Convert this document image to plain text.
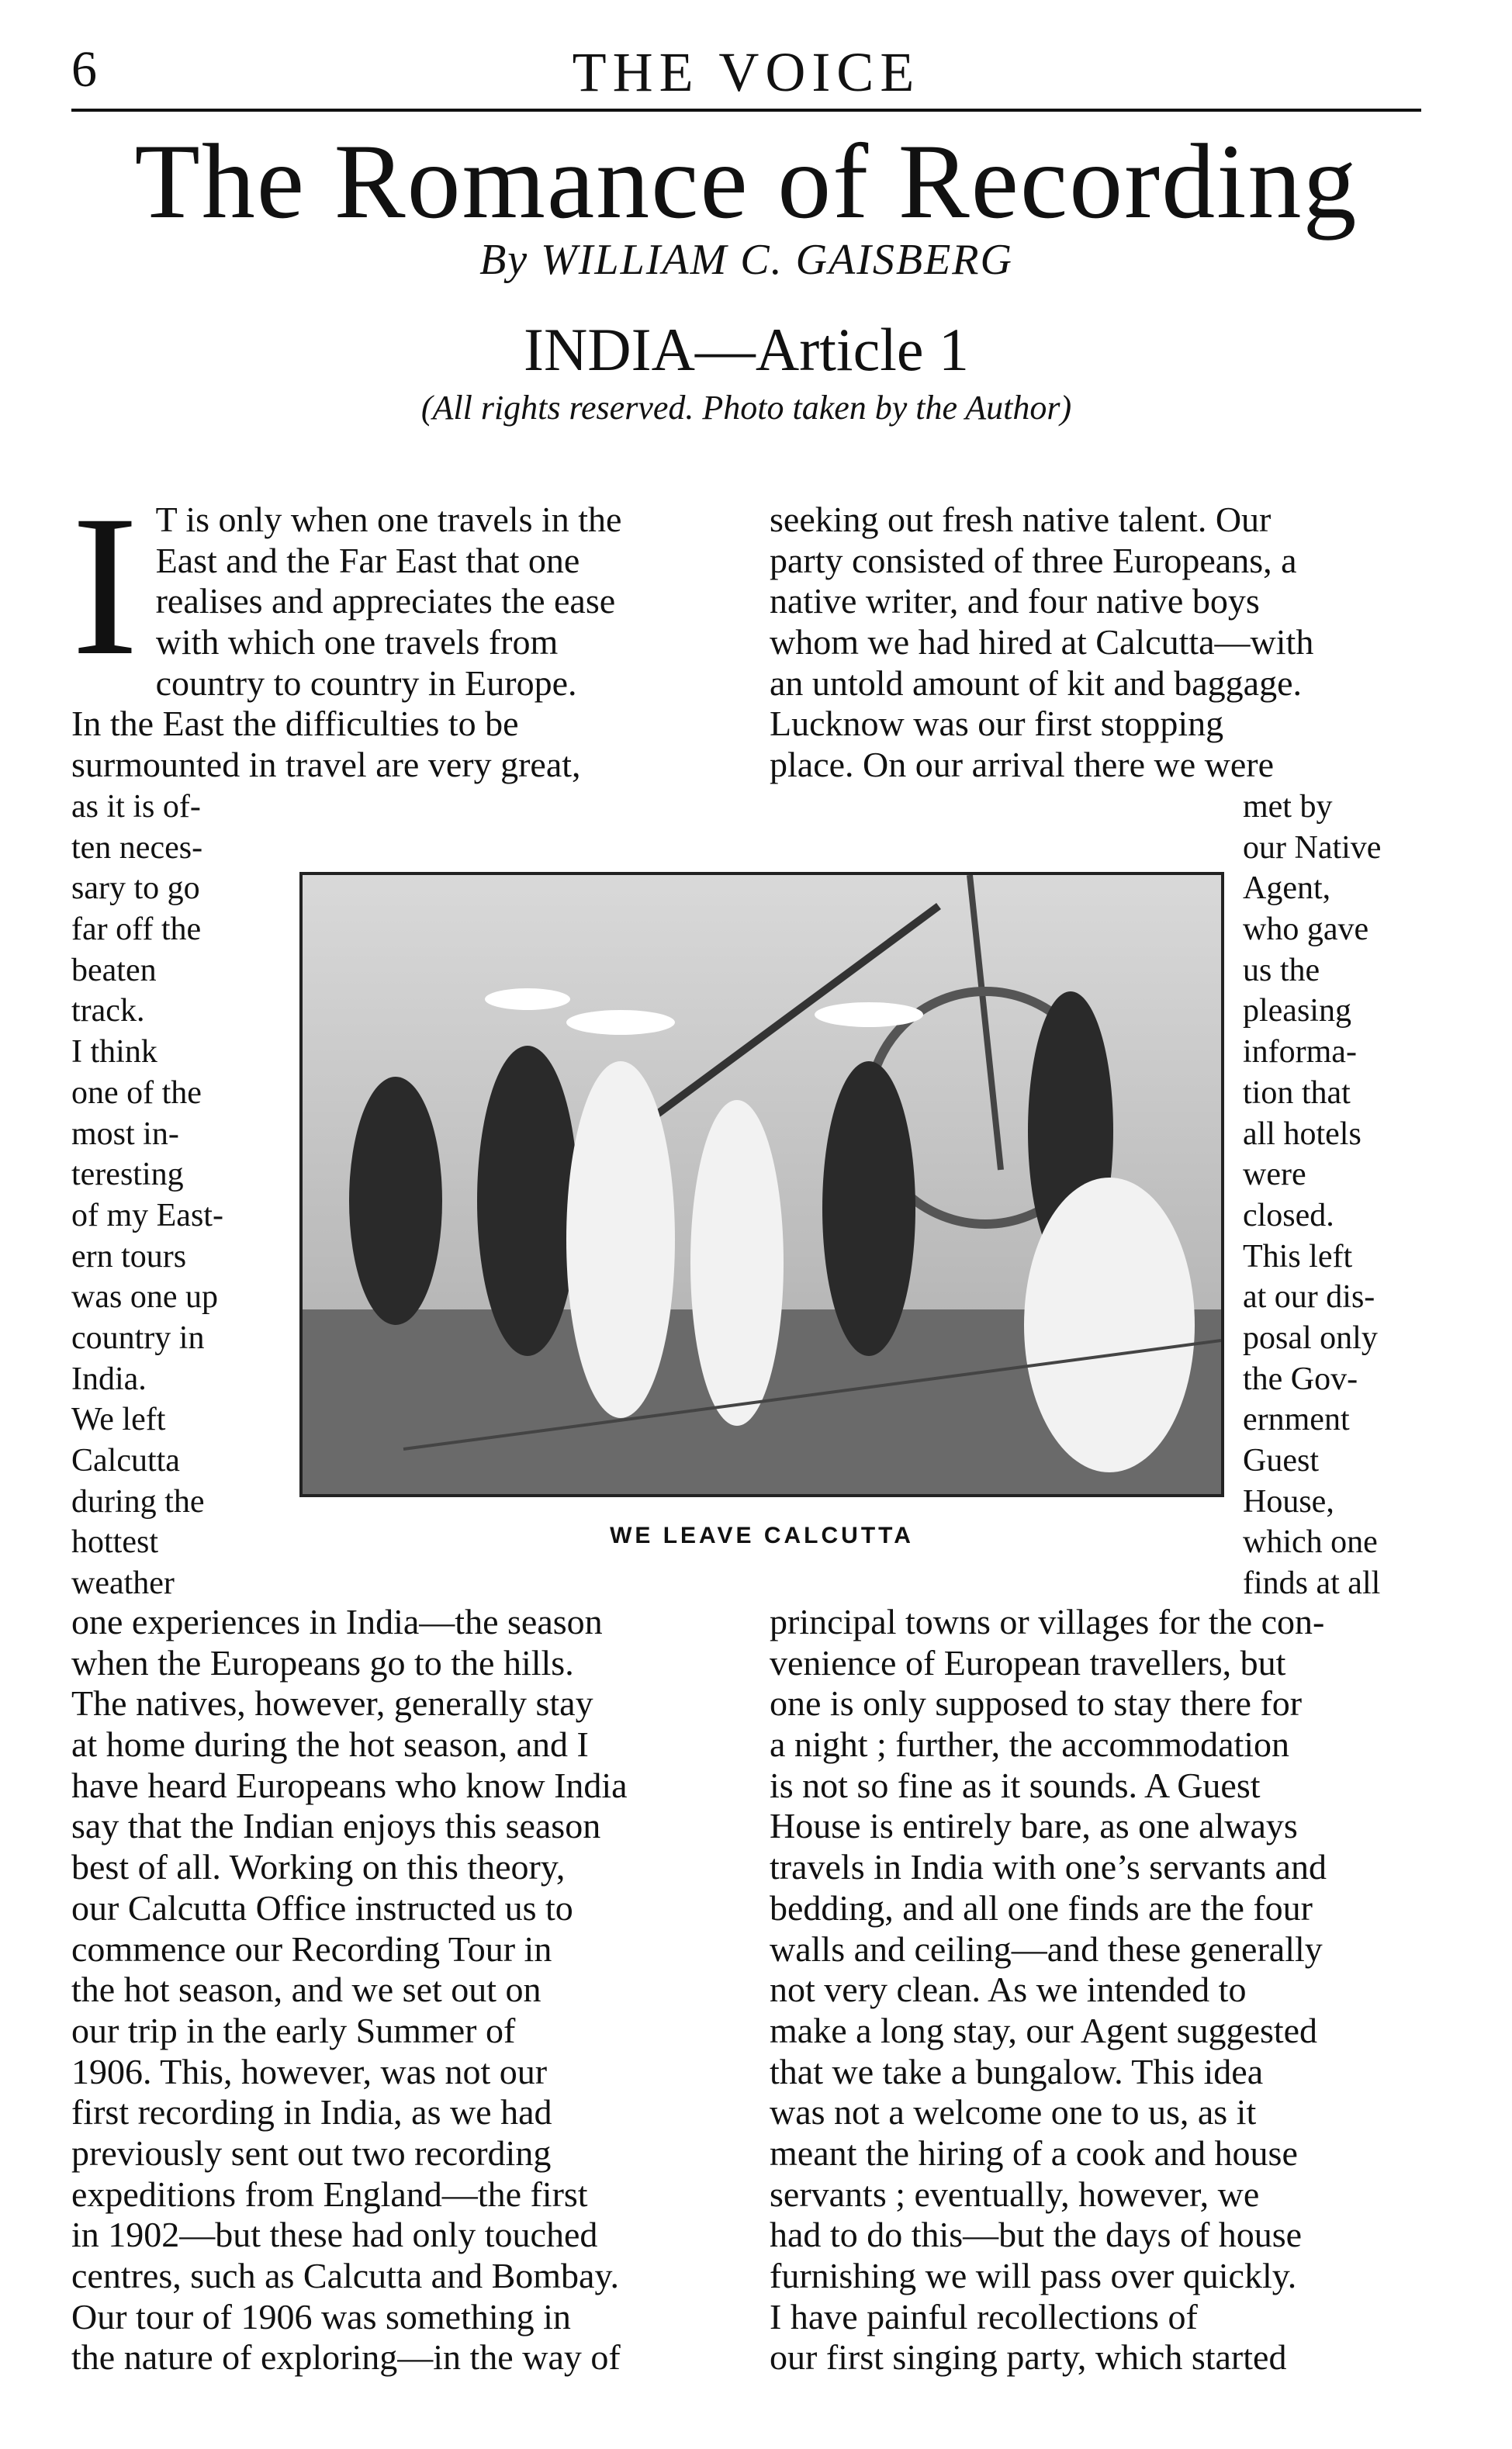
6	THE VOICE
The Romance of Recording
By WILLIAM C. GAISBERG
INDIA—Article 1
(All rights reserved. Photo taken by the Author)
I T is only when one travels in the
East and the Far East that one
realises and appreciates the ease
with which one travels from
country to country in Europe.
In the East the difficulties to be
surmounted in travel are very great,
seeking out fresh native talent. Our
party consisted of three Europeans, a
native writer, and four native boys
whom we had hired at Calcutta—with
an untold amount of kit and baggage.
Lucknow was our first stopping
place. On our arrival there we were
as it is of-
ten neces-
sary to go
far off the
beaten
track.
I think
one of the
most in-
teresting
of my East-
ern tours
was one up
country in
India.
We left
Calcutta
during the
hottest
weather
met by
our Native
Agent,
who gave
us the
pleasing
informa-
tion that
all hotels
were
closed.
This left
at our dis-
posal only
the Gov-
ernment
Guest
House,
which one
finds at all
WE LEAVE CALCUTTA
one experiences in India—the season
when the Europeans go to the hills.
The natives, however, generally stay
at home during the hot season, and I
have heard Europeans who know India
say that the Indian enjoys this season
best of all. Working on this theory,
our Calcutta Office instructed us to
commence our Recording Tour in
the hot season, and we set out on
our trip in the early Summer of
1906. This, however, was not our
first recording in India, as we had
previously sent out two recording
expeditions from England—the first
in 1902—but these had only touched
centres, such as Calcutta and Bombay.
Our tour of 1906 was something in
the nature of exploring—in the way of
principal towns or villages for the con-
venience of European travellers, but
one is only supposed to stay there for
a night ; further, the accommodation
is not so fine as it sounds. A Guest
House is entirely bare, as one always
travels in India with one’s servants and
bedding, and all one finds are the four
walls and ceiling—and these generally
not very clean. As we intended to
make a long stay, our Agent suggested
that we take a bungalow. This idea
was not a welcome one to us, as it
meant the hiring of a cook and house
servants ; eventually, however, we
had to do this—but the days of house
furnishing we will pass over quickly.
I have painful recollections of
our first singing party, which started
